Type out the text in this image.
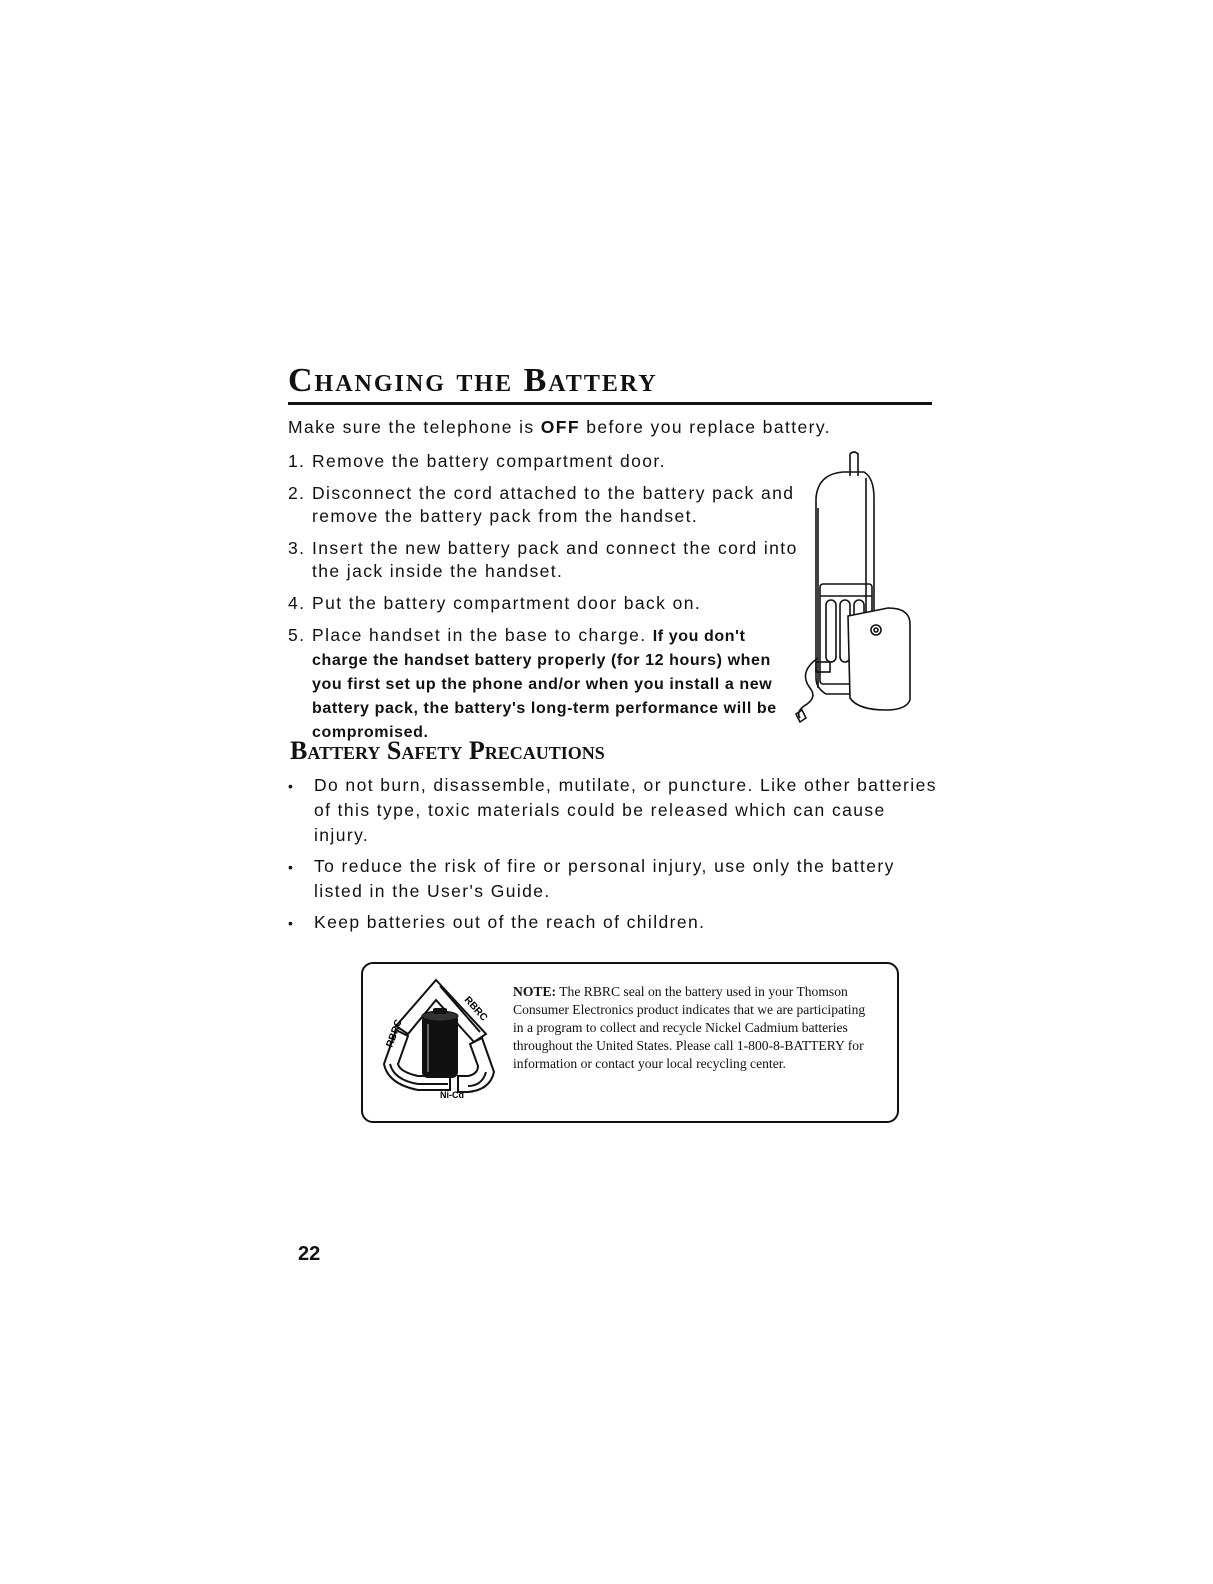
Changing the Battery
Make sure the telephone is OFF before you replace battery.
1. Remove the battery compartment door.
2. Disconnect the cord attached to the battery pack and remove the battery pack from the handset.
3. Insert the new battery pack and connect the cord into the jack inside the handset.
4. Put the battery compartment door back on.
5. Place handset in the base to charge. If you don't charge the handset battery properly (for 12 hours) when you first set up the phone and/or when you install a new battery pack, the battery's long-term performance will be compromised.
Battery Safety Precautions
•	Do not burn, disassemble, mutilate, or puncture. Like other batteries of this type, toxic materials could be released which can cause injury.
•	To reduce the risk of fire or personal injury, use only the battery listed in the User's Guide.
•	Keep batteries out of the reach of children.
RBRC
RBRC
Ni-Cd
NOTE: The RBRC seal on the battery used in your Thomson Consumer Electronics product indicates that we are participating in a program to collect and recycle Nickel Cadmium batteries throughout the United States. Please call 1-800-8-BATTERY for information or contact your local recycling center.
22
